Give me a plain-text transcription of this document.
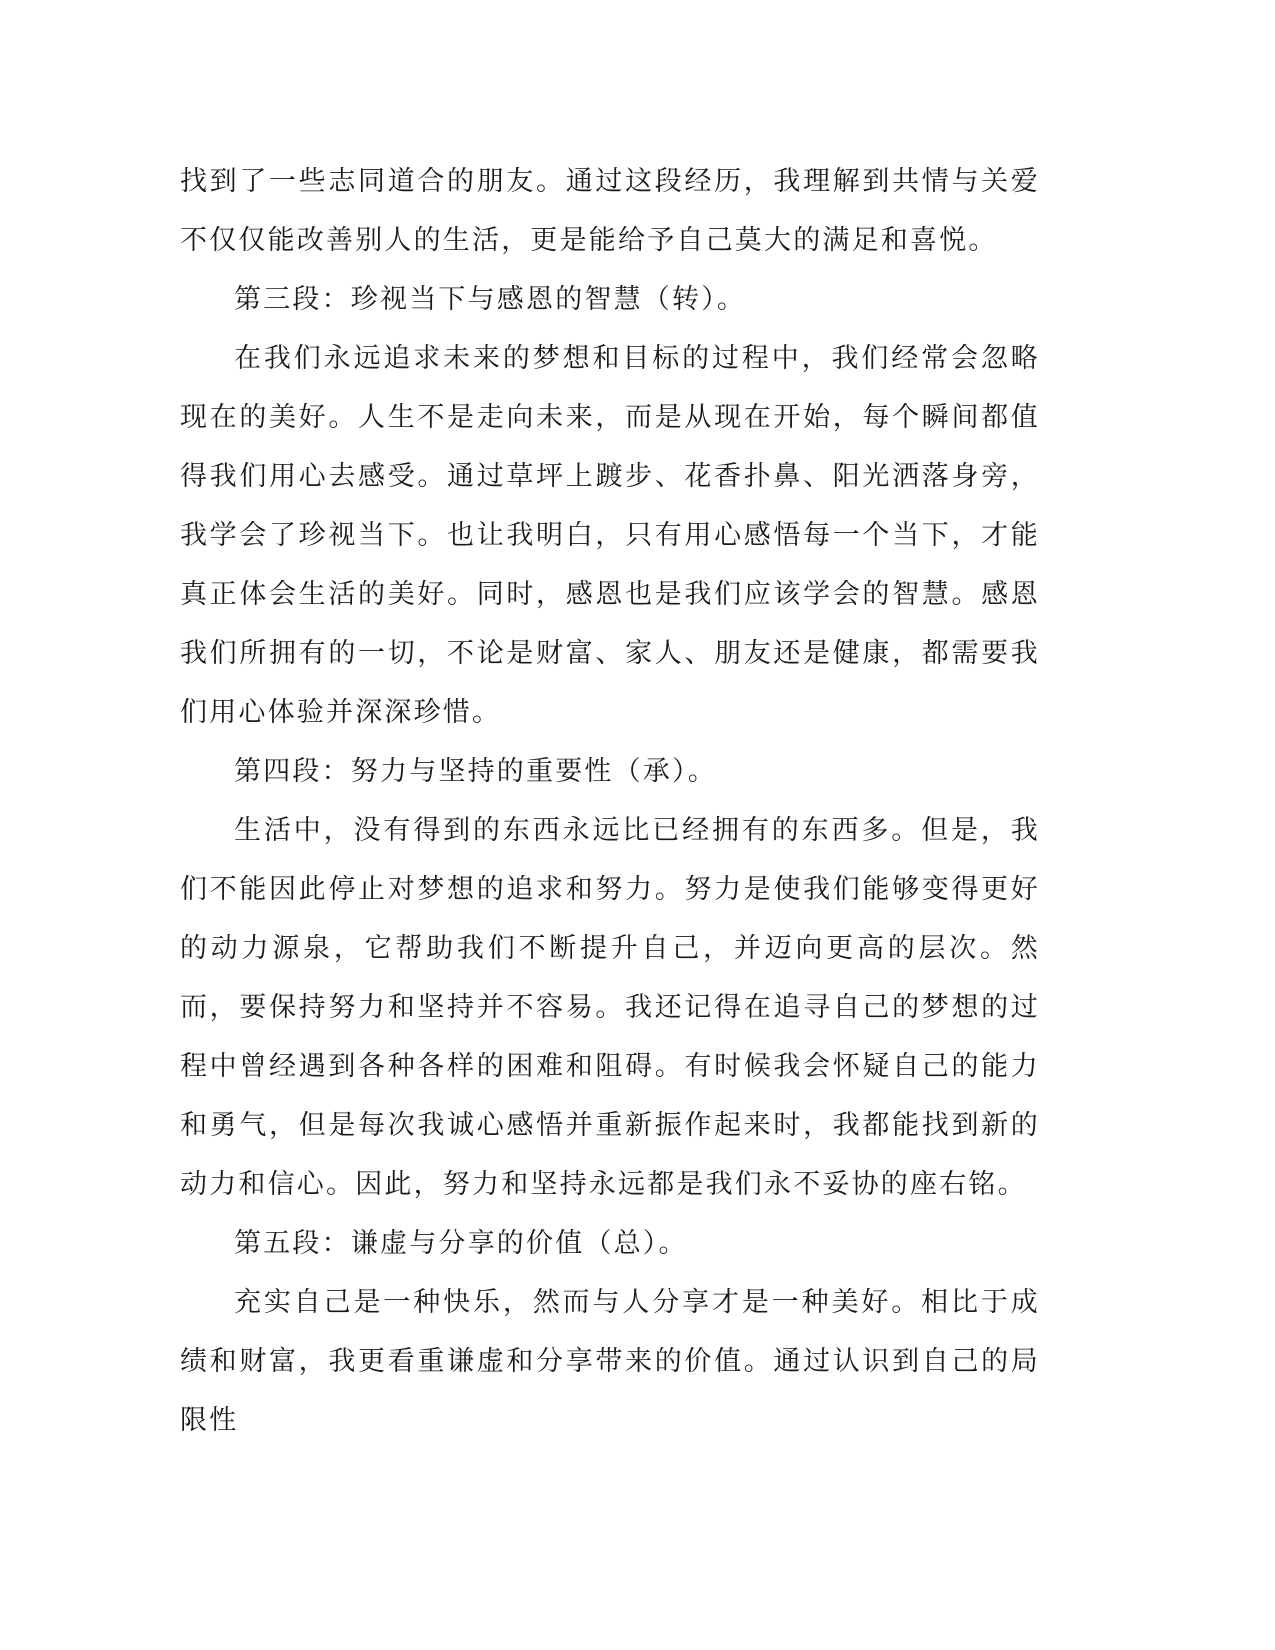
找到了一些志同道合的朋友。通过这段经历，我理解到共情与关爱不仅仅能改善别人的生活，更是能给予自己莫大的满足和喜悦。

第三段：珍视当下与感恩的智慧（转）。

在我们永远追求未来的梦想和目标的过程中，我们经常会忽略现在的美好。人生不是走向未来，而是从现在开始，每个瞬间都值得我们用心去感受。通过草坪上踱步、花香扑鼻、阳光洒落身旁，我学会了珍视当下。也让我明白，只有用心感悟每一个当下，才能真正体会生活的美好。同时，感恩也是我们应该学会的智慧。感恩我们所拥有的一切，不论是财富、家人、朋友还是健康，都需要我们用心体验并深深珍惜。

第四段：努力与坚持的重要性（承）。

生活中，没有得到的东西永远比已经拥有的东西多。但是，我们不能因此停止对梦想的追求和努力。努力是使我们能够变得更好的动力源泉，它帮助我们不断提升自己，并迈向更高的层次。然而，要保持努力和坚持并不容易。我还记得在追寻自己的梦想的过程中曾经遇到各种各样的困难和阻碍。有时候我会怀疑自己的能力和勇气，但是每次我诚心感悟并重新振作起来时，我都能找到新的动力和信心。因此，努力和坚持永远都是我们永不妥协的座右铭。

第五段：谦虚与分享的价值（总）。

充实自己是一种快乐，然而与人分享才是一种美好。相比于成绩和财富，我更看重谦虚和分享带来的价值。通过认识到自己的局限性
